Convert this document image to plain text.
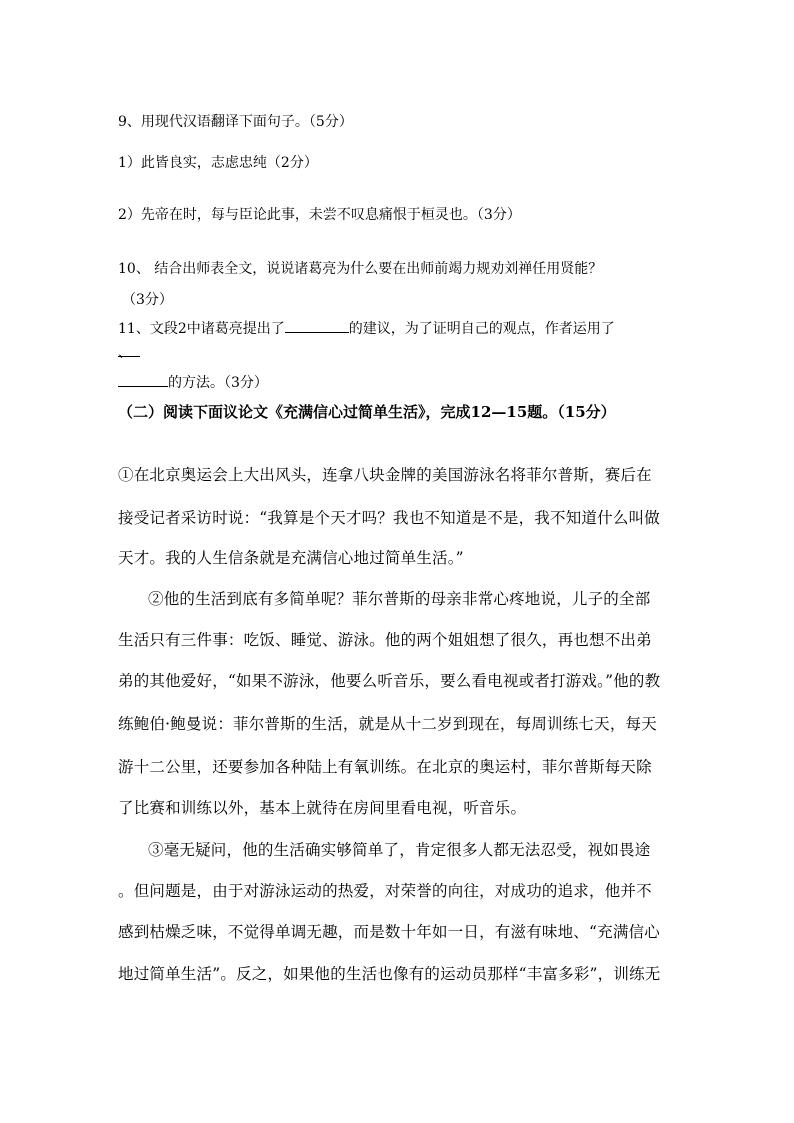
9、用现代汉语翻译下面句子。（5分）
1）此皆良实，志虑忠纯（2分）
2）先帝在时，每与臣论此事，未尝不叹息痛恨于桓灵也。（3分）
10、 结合出师表全文，说说诸葛亮为什么要在出师前竭力规劝刘禅任用贤能？
（3分）
11、文段2中诸葛亮提出了	的建议，为了证明自己的观点，作者运用了
、
的方法。（3分）
（二）阅读下面议论文《充满信心过简单生活》，完成12—15题。（15分）
①在北京奥运会上大出风头，连拿八块金牌的美国游泳名将菲尔普斯，赛后在
接受记者采访时说：“我算是个天才吗？我也不知道是不是，我不知道什么叫做
天才。我的人生信条就是充满信心地过简单生活。”
②他的生活到底有多简单呢？菲尔普斯的母亲非常心疼地说，儿子的全部
生活只有三件事：吃饭、睡觉、游泳。他的两个姐姐想了很久，再也想不出弟
弟的其他爱好，“如果不游泳，他要么听音乐，要么看电视或者打游戏。”他的教
练鲍伯·鲍曼说：菲尔普斯的生活，就是从十二岁到现在，每周训练七天，每天
游十二公里，还要参加各种陆上有氧训练。在北京的奥运村，菲尔普斯每天除
了比赛和训练以外，基本上就待在房间里看电视，听音乐。
③毫无疑问，他的生活确实够简单了，肯定很多人都无法忍受，视如畏途
。但问题是，由于对游泳运动的热爱，对荣誉的向往，对成功的追求，他并不
感到枯燥乏味，不觉得单调无趣，而是数十年如一日，有滋有味地、“充满信心
地过简单生活”。反之，如果他的生活也像有的运动员那样“丰富多彩”，训练无
